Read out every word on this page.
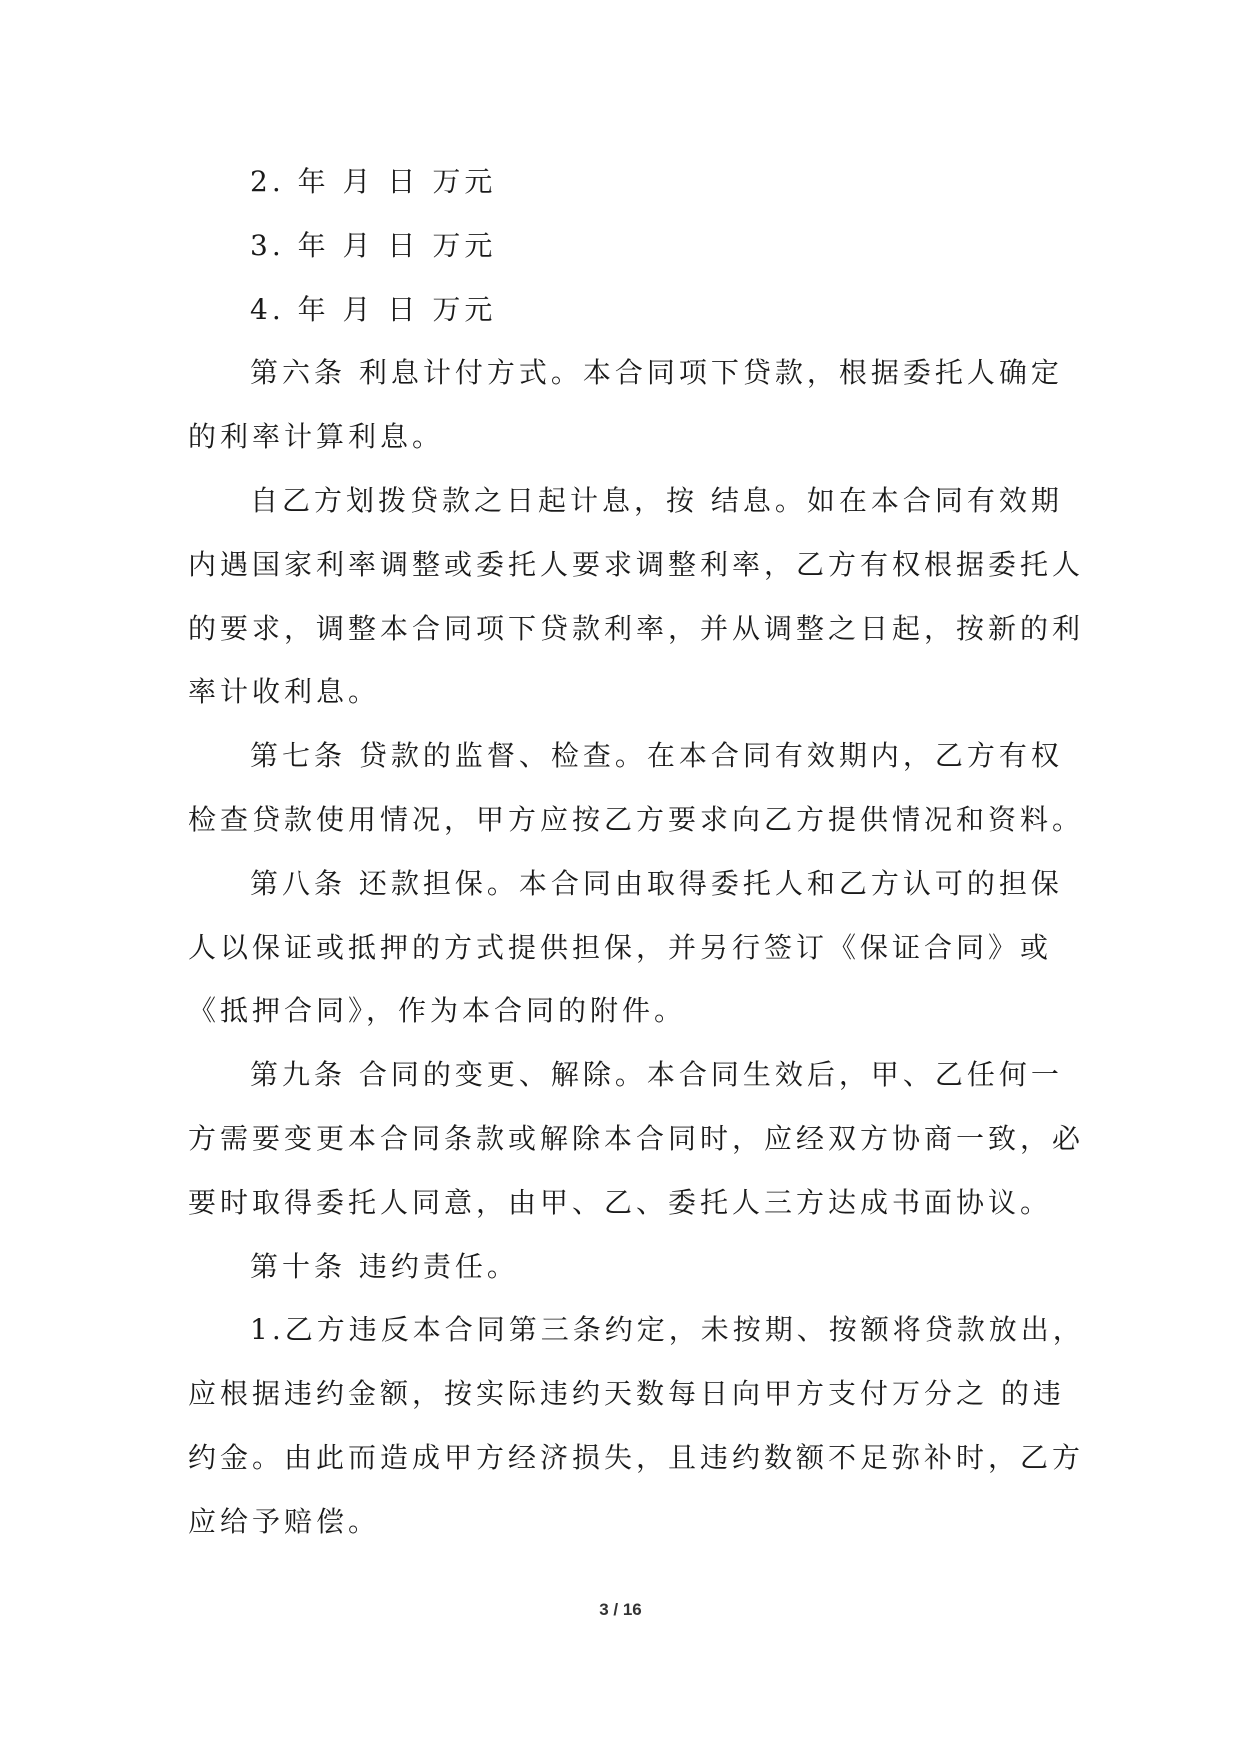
2. 年 月 日 万元
3. 年 月 日 万元
4. 年 月 日 万元
第六条 利息计付方式。本合同项下贷款，根据委托人确定
的利率计算利息。
自乙方划拨贷款之日起计息，按 结息。如在本合同有效期
内遇国家利率调整或委托人要求调整利率，乙方有权根据委托人
的要求，调整本合同项下贷款利率，并从调整之日起，按新的利
率计收利息。
第七条 贷款的监督、检查。在本合同有效期内，乙方有权
检查贷款使用情况，甲方应按乙方要求向乙方提供情况和资料。
第八条 还款担保。本合同由取得委托人和乙方认可的担保
人以保证或抵押的方式提供担保，并另行签订《保证合同》或
《抵押合同》，作为本合同的附件。
第九条 合同的变更、解除。本合同生效后，甲、乙任何一
方需要变更本合同条款或解除本合同时，应经双方协商一致，必
要时取得委托人同意，由甲、乙、委托人三方达成书面协议。
第十条 违约责任。
1.乙方违反本合同第三条约定，未按期、按额将贷款放出，
应根据违约金额，按实际违约天数每日向甲方支付万分之 的违
约金。由此而造成甲方经济损失，且违约数额不足弥补时，乙方
应给予赔偿。
3 / 16
